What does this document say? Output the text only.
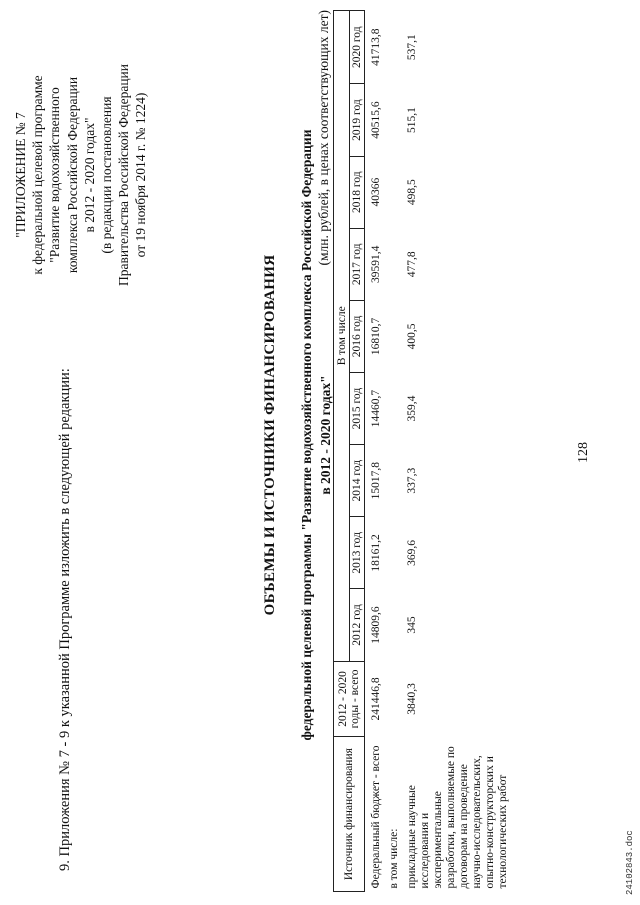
128
9. Приложения № 7 - 9 к указанной Программе изложить в следующей редакции:
"ПРИЛОЖЕНИЕ № 7 к федеральной целевой программе "Развитие водохозяйственного комплекса Российской Федерации в 2012 - 2020 годах" (в редакции постановления Правительства Российской Федерации от 19 ноября 2014 г. № 1224)
ОБЪЕМЫ И ИСТОЧНИКИ ФИНАНСИРОВАНИЯ федеральной целевой программы "Развитие водохозяйственного комплекса Российской Федерации в 2012 - 2020 годах"
(млн. рублей, в ценах соответствующих лет)
Источник финансирования	2012 - 2020 годы - всего	В том числе								
		2012 год	2013 год	2014 год	2015 год	2016 год	2017 год	2018 год	2019 год	2020 год
Федеральный бюджет - всего	241446,8	14809,6	18161,2	15017,8	14460,7	16810,7	39591,4	40366	40515,6	41713,8
в том числе:										
прикладные научные исследования и экспериментальные разработки, выполняемые по договорам на проведение научно-исследовательских, опытно-конструкторских и технологических работ	3840,3	345	369,6	337,3	359,4	400,5	477,8	498,5	515,1	537,1
24102843.doc
